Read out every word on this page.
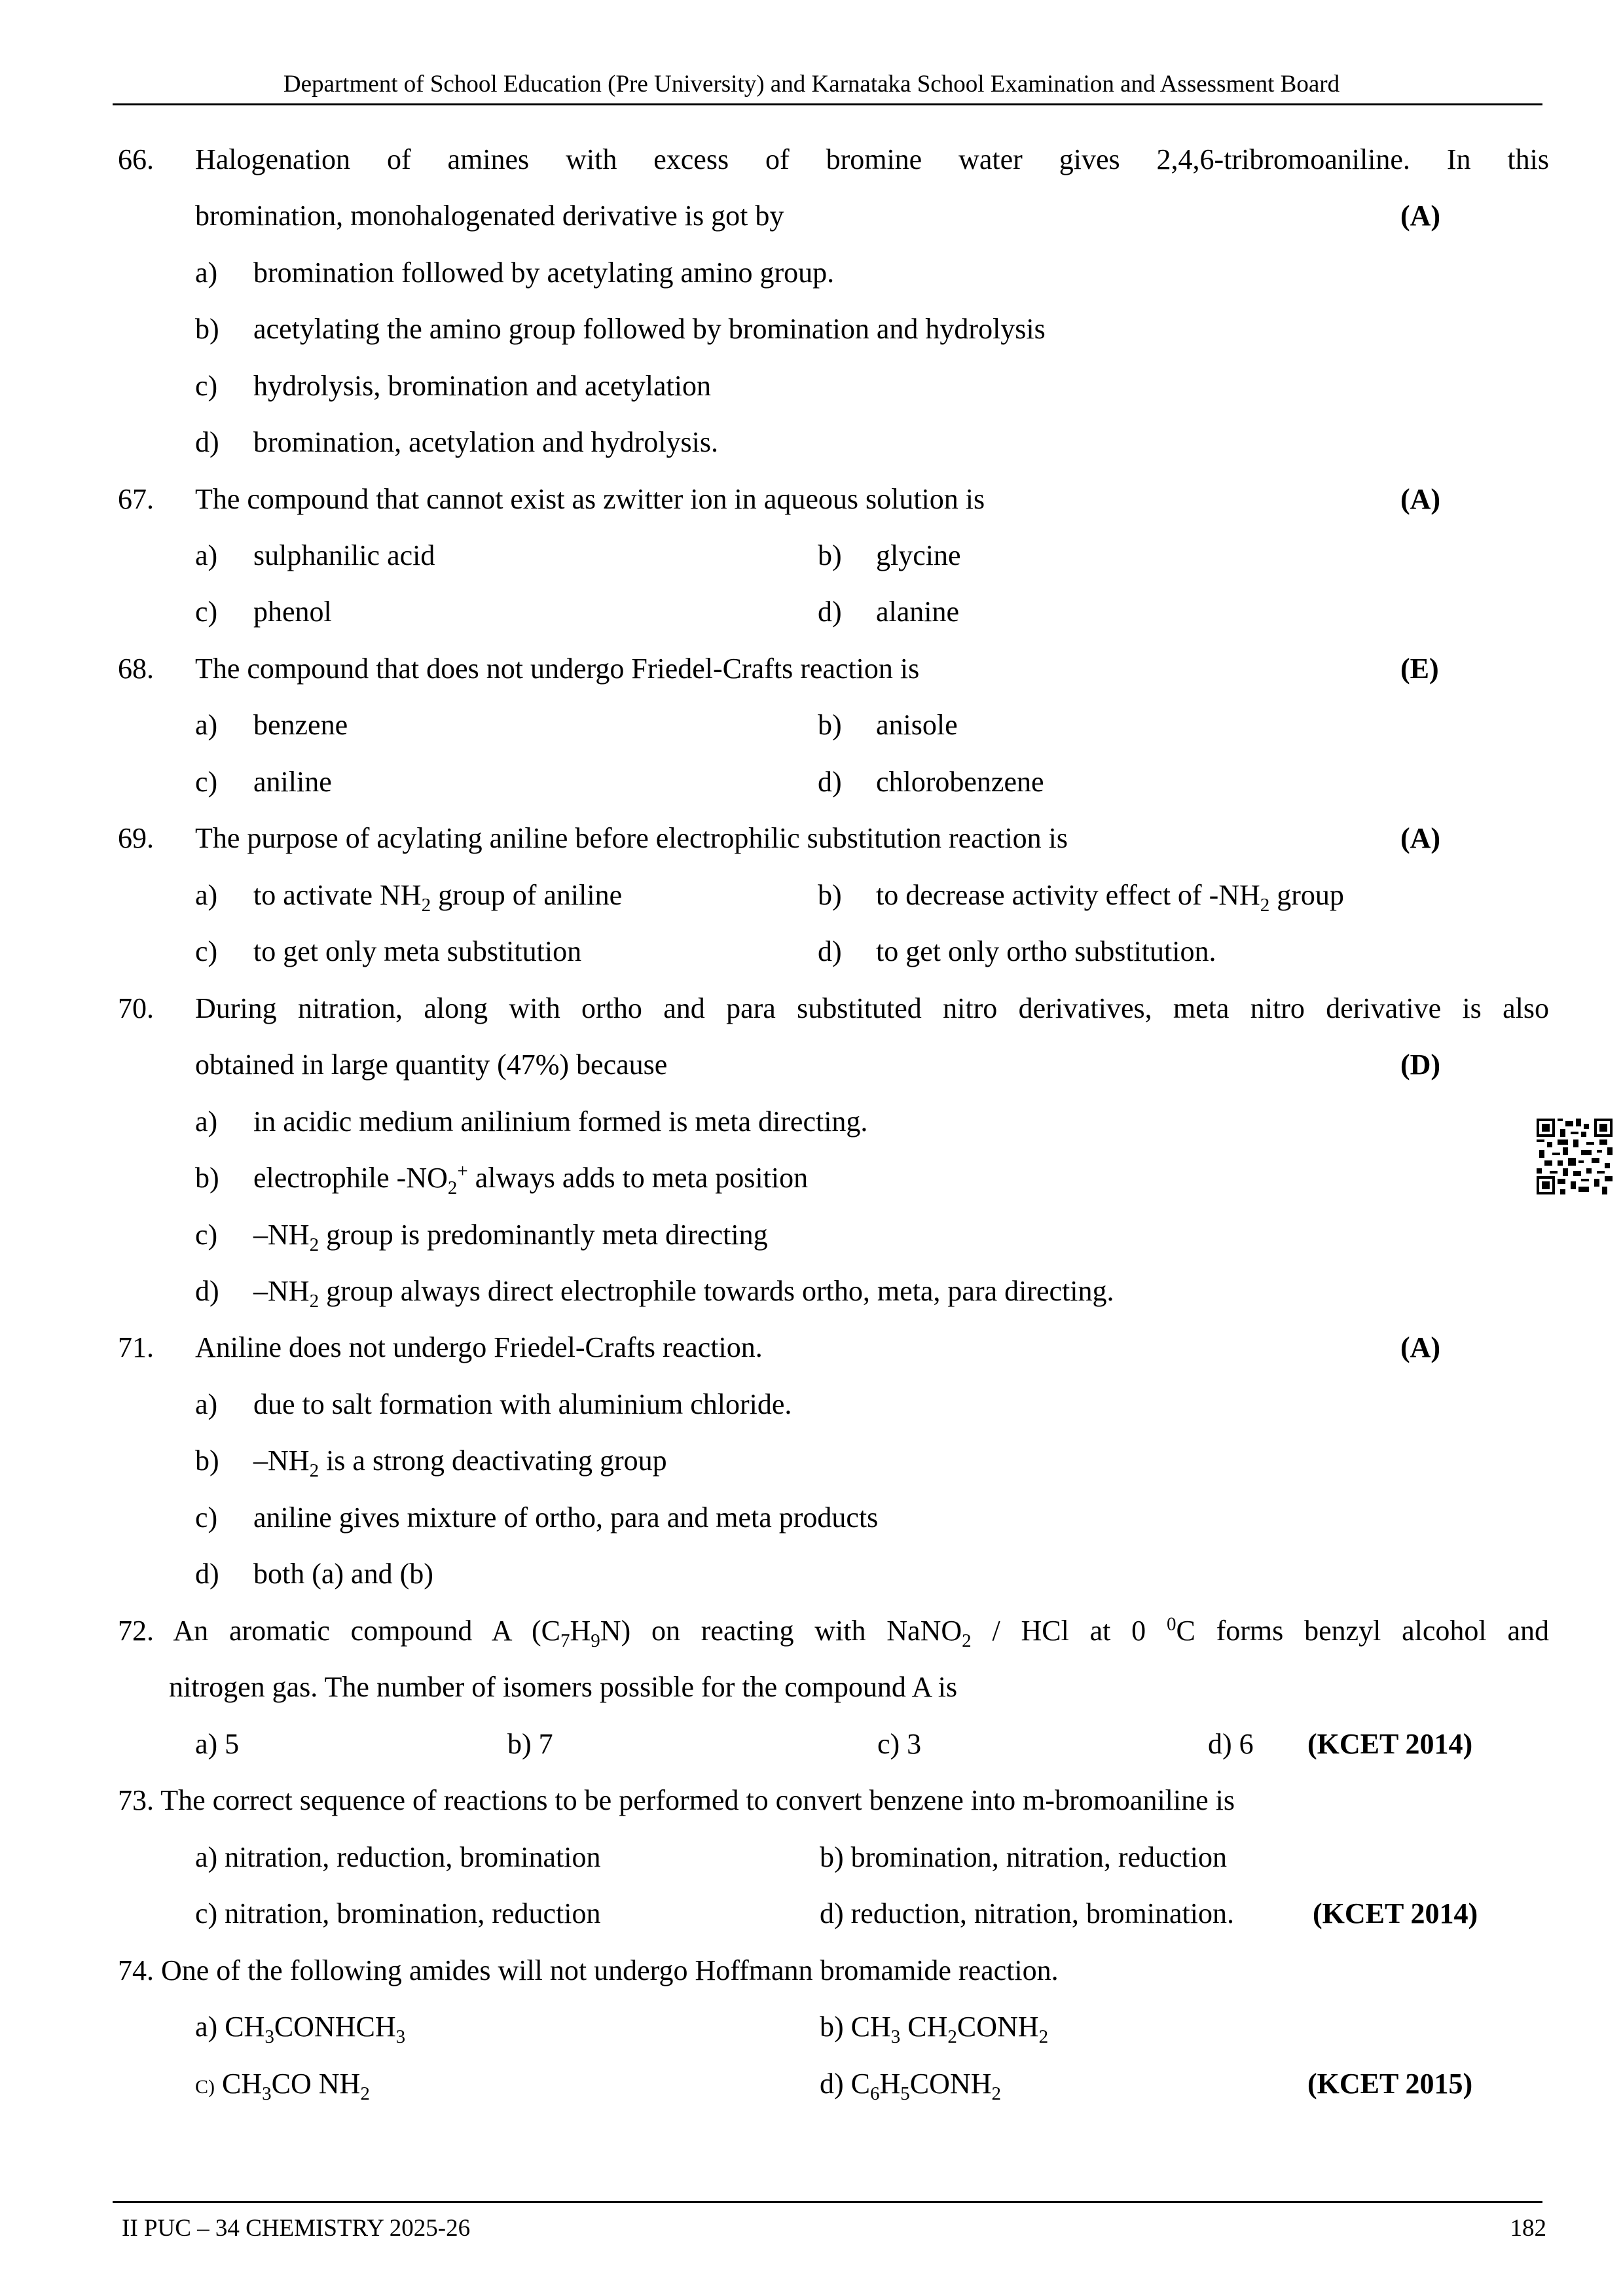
Department of School Education (Pre University) and Karnataka School Examination and Assessment Board
II PUC – 34 CHEMISTRY 2025-26	182
66. Halogenation of amines with excess of bromine water gives 2,4,6-tribromoaniline. In this
bromination, monohalogenated derivative is got by	(A)
a) bromination followed by acetylating amino group.
b) acetylating the amino group followed by bromination and hydrolysis
c) hydrolysis, bromination and acetylation
d) bromination, acetylation and hydrolysis.
67. The compound that cannot exist as zwitter ion in aqueous solution is	(A)
a) sulphanilic acid	b) glycine
c) phenol	d) alanine
68. The compound that does not undergo Friedel-Crafts reaction is	(E)
a) benzene	b) anisole
c) aniline	d) chlorobenzene
69. The purpose of acylating aniline before electrophilic substitution reaction is	(A)
a) to activate $NH_2$ group of aniline	b) to decrease activity effect of $-NH_2$ group
c) to get only meta substitution	d) to get only ortho substitution.
70. During nitration, along with ortho and para substituted nitro derivatives, meta nitro derivative is also
obtained in large quantity (47%) because	(D)
a) in acidic medium anilinium formed is meta directing.
b) electrophile $-NO_2^+$ always adds to meta position
c) $-NH_2$ group is predominantly meta directing
d) $-NH_2$ group always direct electrophile towards ortho, meta, para directing.
71. Aniline does not undergo Friedel-Crafts reaction.	(A)
a) due to salt formation with aluminium chloride.
b) $-NH_2$ is a strong deactivating group
c) aniline gives mixture of ortho, para and meta products
d) both (a) and (b)
72. An aromatic compound A $(C_7H_9N)$ on reacting with NaNO$_2$ / HCl at 0 $^0$C forms benzyl alcohol and
nitrogen gas. The number of isomers possible for the compound A is
a) 5	b) 7	c) 3	d) 6 (KCET 2014)
73. The correct sequence of reactions to be performed to convert benzene into m-bromoaniline is
a) nitration, reduction, bromination	b) bromination, nitration, reduction
c) nitration, bromination, reduction	d) reduction, nitration, bromination.	(KCET 2014)
74. One of the following amides will not undergo Hoffmann bromamide reaction.
a) $CH_3CONHCH_3$	b) $CH_3$ $CH_2CONH_2$
C) $CH_3CO$ $NH_2$	d) $C_6H_5CONH_2$	(KCET 2015)
